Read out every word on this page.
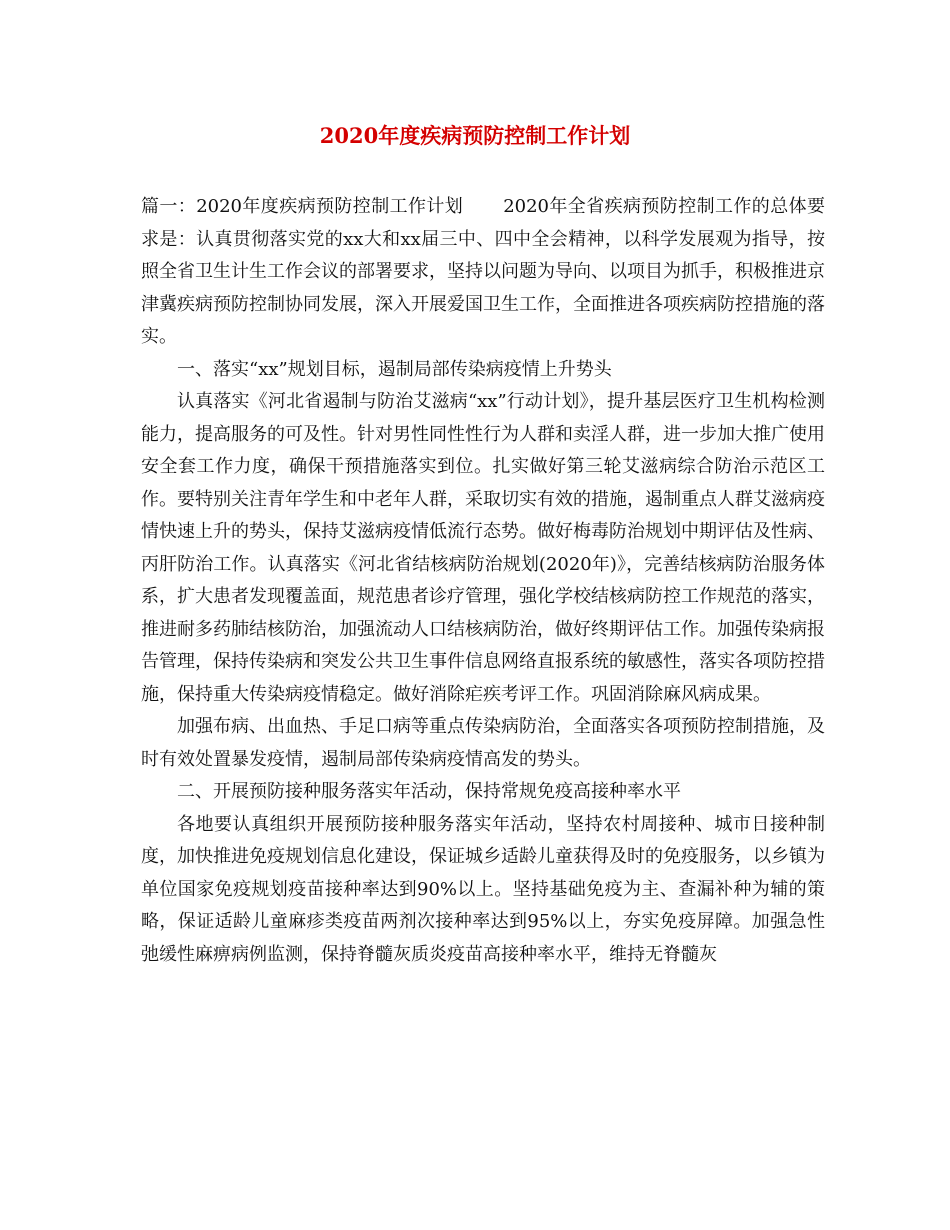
2020年度疾病预防控制工作计划

篇一：2020年度疾病预防控制工作计划 2020年全省疾病预防控制工作的总体要求是：认真贯彻落实党的xx大和xx届三中、四中全会精神，以科学发展观为指导，按照全省卫生计生工作会议的部署要求，坚持以问题为导向、以项目为抓手，积极推进京津冀疾病预防控制协同发展，深入开展爱国卫生工作，全面推进各项疾病防控措施的落实。

一、落实“xx”规划目标，遏制局部传染病疫情上升势头

认真落实《河北省遏制与防治艾滋病“xx”行动计划》，提升基层医疗卫生机构检测能力，提高服务的可及性。针对男性同性性行为人群和卖淫人群，进一步加大推广使用安全套工作力度，确保干预措施落实到位。扎实做好第三轮艾滋病综合防治示范区工作。要特别关注青年学生和中老年人群，采取切实有效的措施，遏制重点人群艾滋病疫情快速上升的势头，保持艾滋病疫情低流行态势。做好梅毒防治规划中期评估及性病、丙肝防治工作。认真落实《河北省结核病防治规划(2020年)》，完善结核病防治服务体系，扩大患者发现覆盖面，规范患者诊疗管理，强化学校结核病防控工作规范的落实，推进耐多药肺结核防治，加强流动人口结核病防治，做好终期评估工作。加强传染病报告管理，保持传染病和突发公共卫生事件信息网络直报系统的敏感性，落实各项防控措施，保持重大传染病疫情稳定。做好消除疟疾考评工作。巩固消除麻风病成果。

加强布病、出血热、手足口病等重点传染病防治，全面落实各项预防控制措施，及时有效处置暴发疫情，遏制局部传染病疫情高发的势头。

二、开展预防接种服务落实年活动，保持常规免疫高接种率水平

各地要认真组织开展预防接种服务落实年活动，坚持农村周接种、城市日接种制度，加快推进免疫规划信息化建设，保证城乡适龄儿童获得及时的免疫服务，以乡镇为单位国家免疫规划疫苗接种率达到90%以上。坚持基础免疫为主、查漏补种为辅的策略，保证适龄儿童麻疹类疫苗两剂次接种率达到95%以上，夯实免疫屏障。加强急性弛缓性麻痹病例监测，保持脊髓灰质炎疫苗高接种率水平，维持无脊髓灰
